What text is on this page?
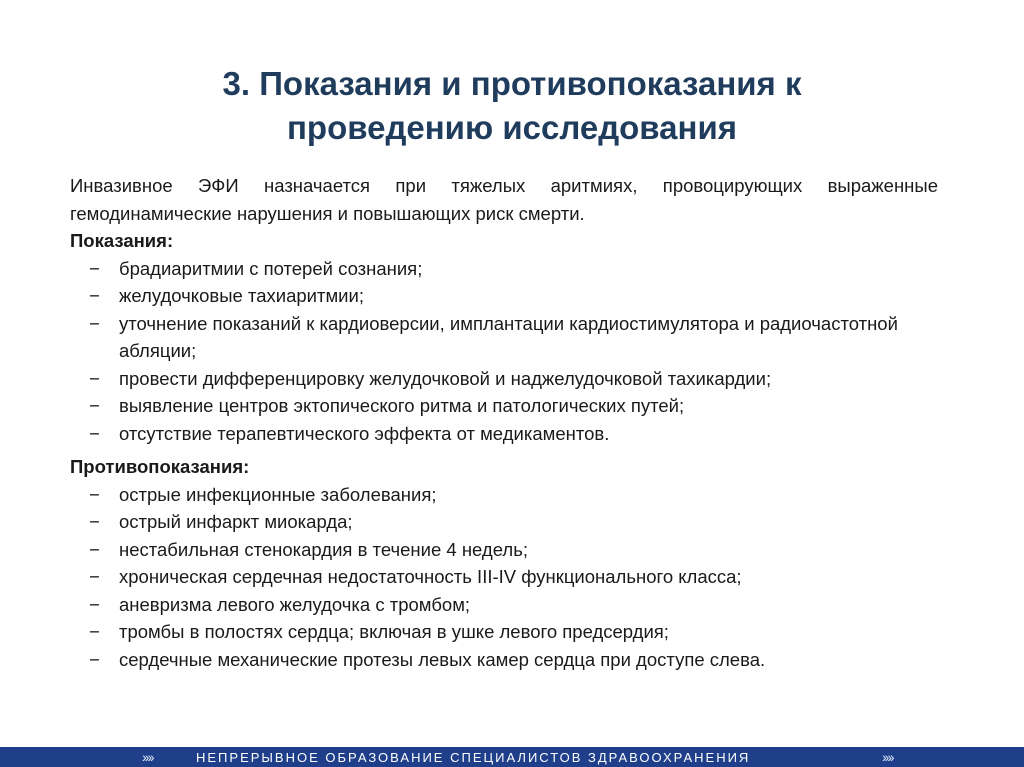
3. Показания и противопоказания к
проведению исследования

Инвазивное ЭФИ назначается при тяжелых аритмиях, провоцирующих выраженные гемодинамические нарушения и повышающих риск смерти.

Показания:

− брадиаритмии с потерей сознания;
− желудочковые тахиаритмии;
− уточнение показаний к кардиоверсии, имплантации кардиостимулятора и радиочастотной абляции;
− провести дифференцировку желудочковой и наджелудочковой тахикардии;
− выявление центров эктопического ритма и патологических путей;
− отсутствие терапевтического эффекта от медикаментов.

Противопоказания:

− острые инфекционные заболевания;
− острый инфаркт миокарда;
− нестабильная стенокардия в течение 4 недель;
− хроническая сердечная недостаточность III-IV функционального класса;
− аневризма левого желудочка с тромбом;
− тромбы в полостях сердца; включая в ушке левого предсердия;
− сердечные механические протезы левых камер сердца при доступе слева.
››››	НЕПРЕРЫВНОЕ ОБРАЗОВАНИЕ СПЕЦИАЛИСТОВ ЗДРАВООХРАНЕНИЯ	››››
